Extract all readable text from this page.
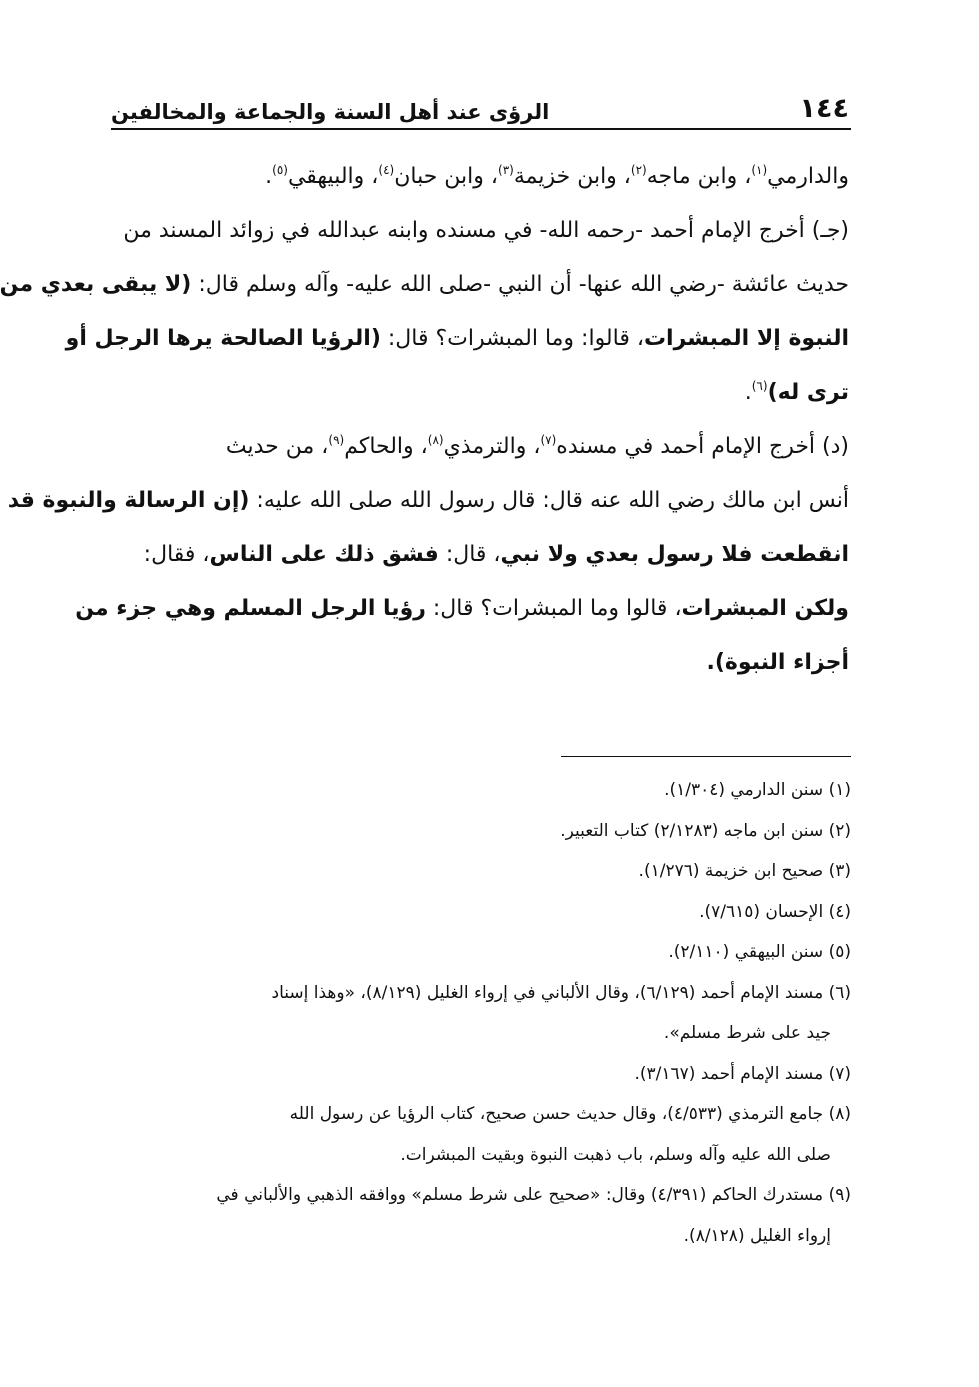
١٤٤
الرؤى عند أهل السنة والجماعة والمخالفين
والدارمي$^{(١)}$، وابن ماجه$^{(٢)}$، وابن خزيمة$^{(٣)}$، وابن حبان$^{(٤)}$، والبيهقي$^{(٥)}$.
(جـ) أخرج الإمام أحمد -رحمه الله- في مسنده وابنه عبدالله في زوائد المسند من
حديث عائشة -رضي الله عنها- أن النبي -صلى الله عليه- وآله وسلم قال: (لا يبقى بعدي من
النبوة إلا المبشرات، قالوا: وما المبشرات؟ قال: (الرؤيا الصالحة يرها الرجل أو
ترى له)$^{(٦)}$.
(د) أخرج الإمام أحمد في مسنده$^{(٧)}$، والترمذي$^{(٨)}$، والحاكم$^{(٩)}$، من حديث
أنس ابن مالك رضي الله عنه قال: قال رسول الله صلى الله عليه: (إن الرسالة والنبوة قد
انقطعت فلا رسول بعدي ولا نبي، قال: فشق ذلك على الناس، فقال:
ولكن المبشرات، قالوا وما المبشرات؟ قال: رؤيا الرجل المسلم وهي جزء من
أجزاء النبوة).
(١) سنن الدارمي (١/٣٠٤).
(٢) سنن ابن ماجه (٢/١٢٨٣) كتاب التعبير.
(٣) صحيح ابن خزيمة (١/٢٧٦).
(٤) الإحسان (٧/٦١٥).
(٥) سنن البيهقي (٢/١١٠).
(٦) مسند الإمام أحمد (٦/١٢٩)، وقال الألباني في إرواء الغليل (٨/١٢٩)، «وهذا إسناد
جيد على شرط مسلم».
(٧) مسند الإمام أحمد (٣/١٦٧).
(٨) جامع الترمذي (٤/٥٣٣)، وقال حديث حسن صحيح، كتاب الرؤيا عن رسول الله
صلى الله عليه وآله وسلم، باب ذهبت النبوة وبقيت المبشرات.
(٩) مستدرك الحاكم (٤/٣٩١) وقال: «صحيح على شرط مسلم» ووافقه الذهبي والألباني في
إرواء الغليل (٨/١٢٨).
